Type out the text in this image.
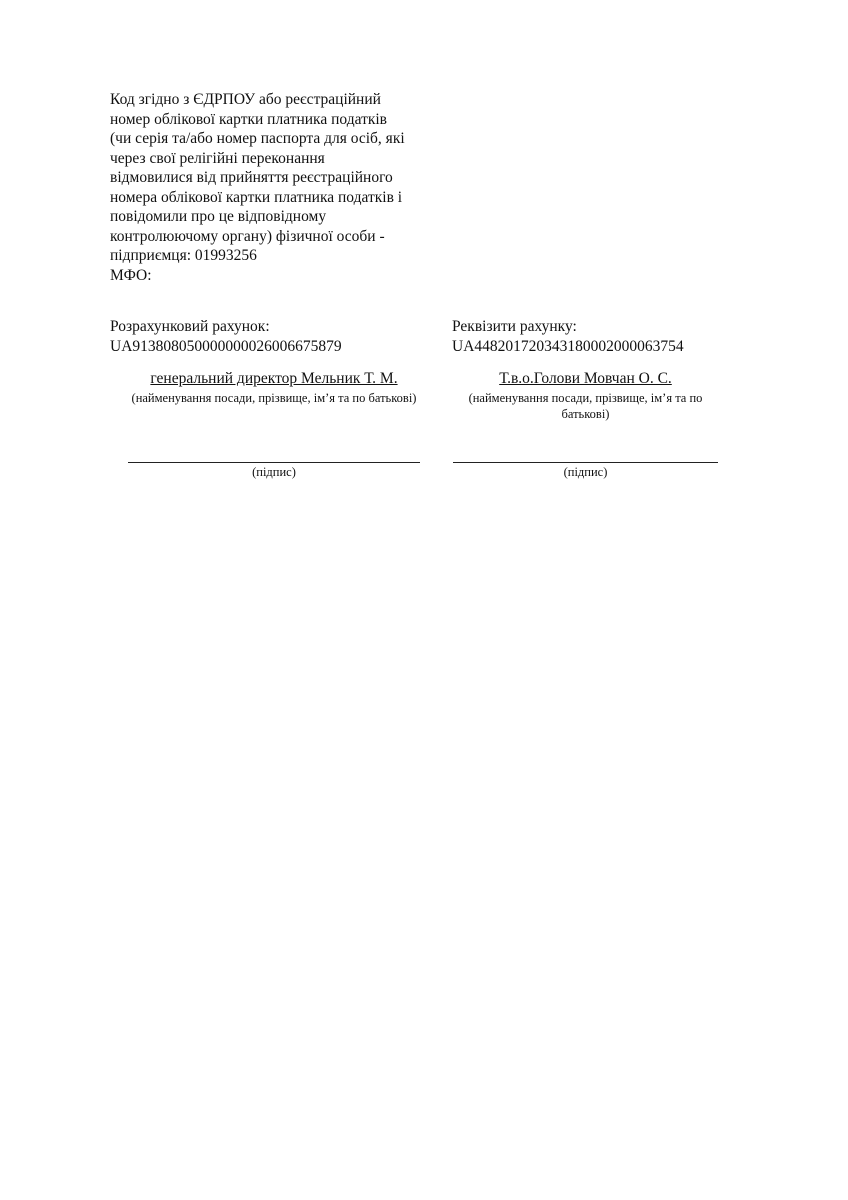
Код згідно з ЄДРПОУ або реєстраційний
номер облікової картки платника податків
(чи серія та/або номер паспорта для осіб, які
через свої релігійні переконання
відмовилися від прийняття реєстраційного
номера облікової картки платника податків і
повідомили про це відповідному
контролюючому органу) фізичної особи -
підприємця: 01993256
МФО:
Розрахунковий рахунок:
UA913808050000000026006675879
Реквізити рахунку:
UA448201720343180002000063754
генеральний директор Мельник Т. М.
(найменування посади, прізвище, ім’я та по батькові)
Т.в.о.Голови Мовчан О. С.
(найменування посади, прізвище, ім’я та по батькові)
(підпис)	(підпис)
